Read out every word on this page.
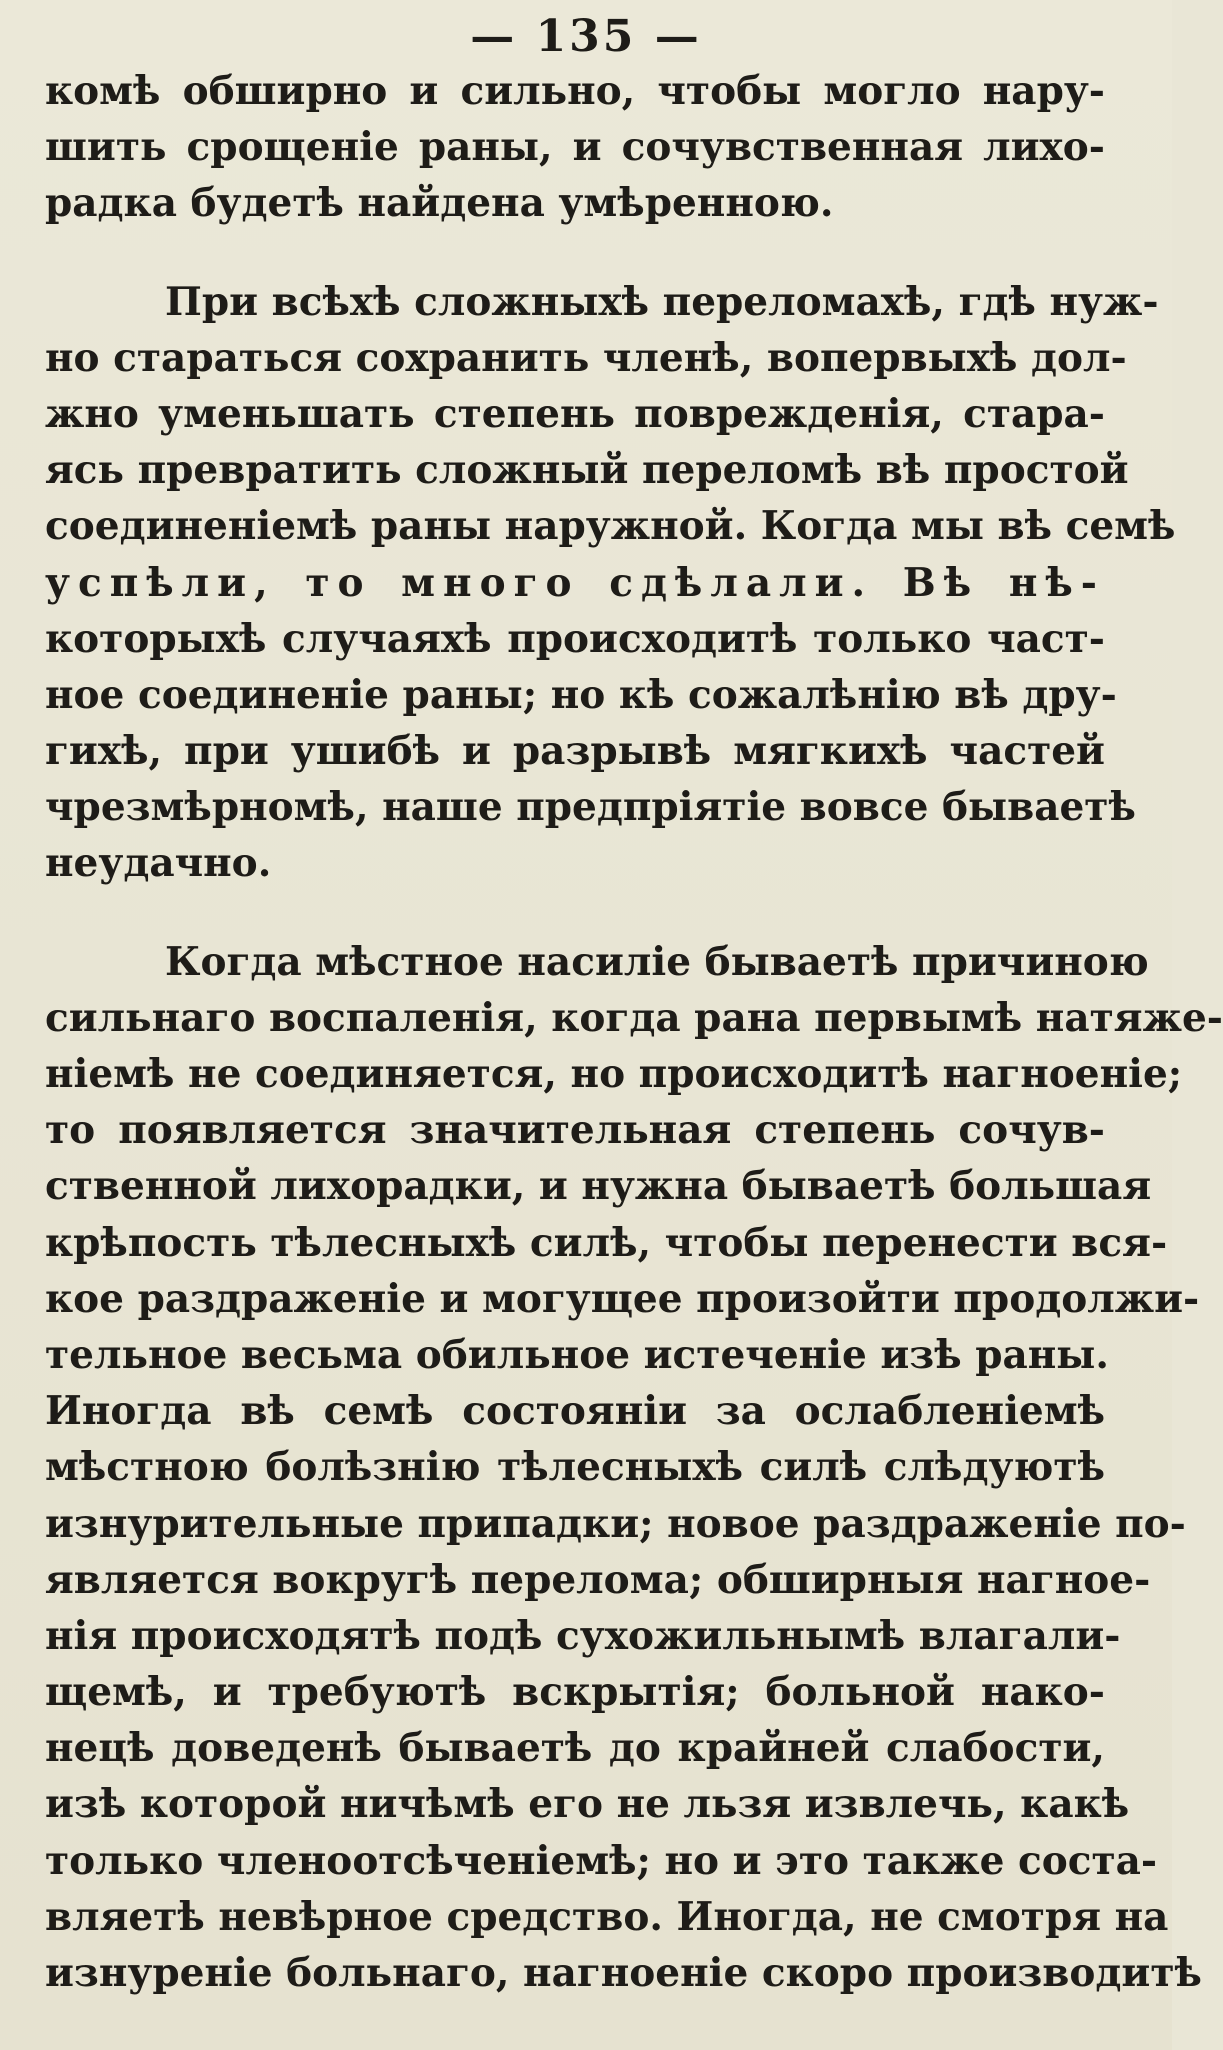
— 135 —
комѣ обширно и сильно, чтобы могло нару-
шить срощеніе раны, и сочувственная лихо-
радка будетѣ найдена умѣренною.
При всѣхѣ сложныхѣ переломахѣ, гдѣ нуж-
но стараться сохранить членѣ, вопервыхѣ дол-
жно уменьшать степень поврежденія, стара-
ясь превратить сложный переломѣ вѣ простой
соединеніемѣ раны наружной. Когда мы вѣ семѣ
успѣли, то много сдѣлали. Вѣ нѣ-
которыхѣ случаяхѣ происходитѣ только част-
ное соединеніе раны; но кѣ сожалѣнію вѣ дру-
гихѣ, при ушибѣ и разрывѣ мягкихѣ частей
чрезмѣрномѣ, наше предпріятіе вовсе бываетѣ
неудачно.
Когда мѣстное насиліе бываетѣ причиною
сильнаго воспаленія, когда рана первымѣ натяже-
ніемѣ не соединяется, но происходитѣ нагноеніе;
то появляется значительная степень сочув-
ственной лихорадки, и нужна бываетѣ большая
крѣпость тѣлесныхѣ силѣ, чтобы перенести вся-
кое раздраженіе и могущее произойти продолжи-
тельное весьма обильное истеченіе изѣ раны.
Иногда вѣ семѣ состояніи за ослабленіемѣ
мѣстною болѣзнію тѣлесныхѣ силѣ слѣдуютѣ
изнурительные припадки; новое раздраженіе по-
является вокругѣ перелома; обширныя нагное-
нія происходятѣ подѣ сухожильнымѣ влагали-
щемѣ, и требуютѣ вскрытія; больной нако-
нецѣ доведенѣ бываетѣ до крайней слабости,
изѣ которой ничѣмѣ его не льзя извлечь, какѣ
только членоотсѣченіемѣ; но и это также соста-
вляетѣ невѣрное средство. Иногда, не смотря на
изнуреніе больнаго, нагноеніе скоро производитѣ
